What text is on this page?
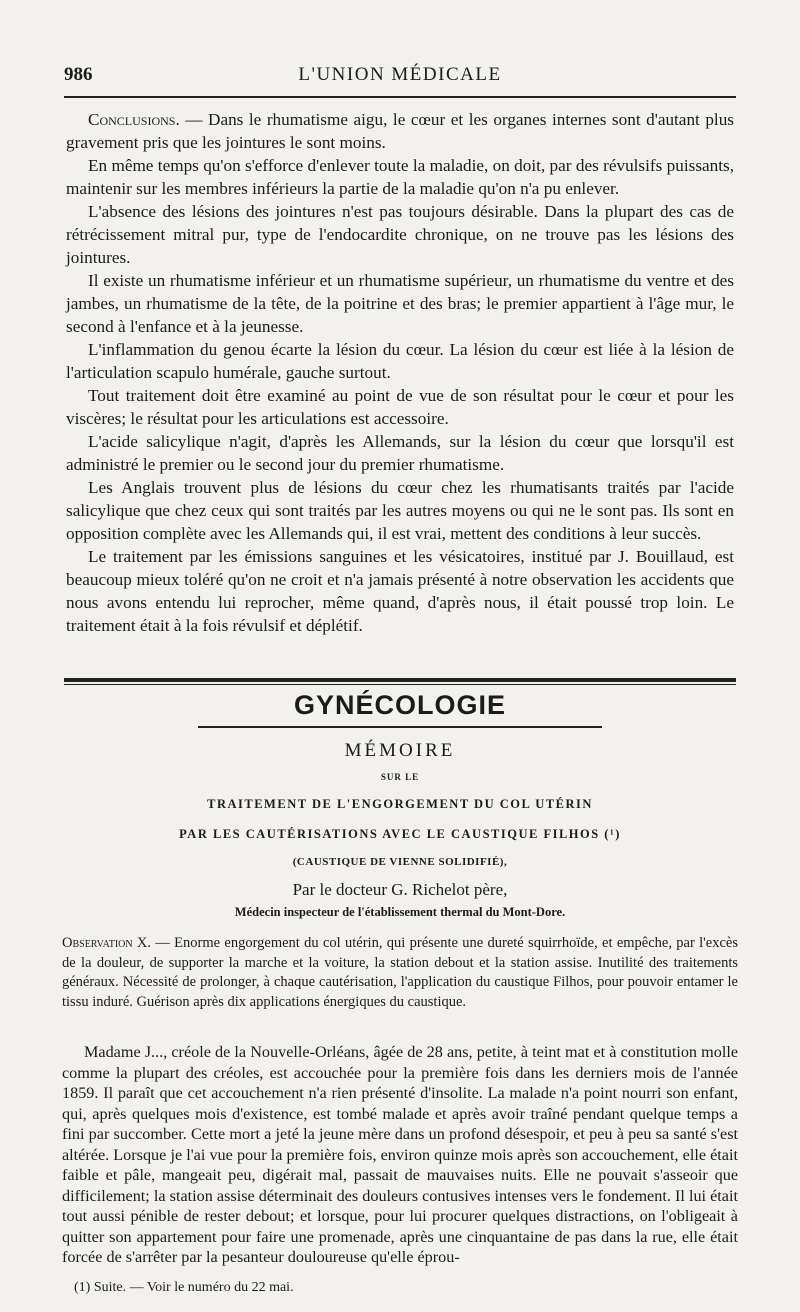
986	L'UNION MÉDICALE

Conclusions. — Dans le rhumatisme aigu, le cœur et les organes internes sont d'autant plus gravement pris que les jointures le sont moins.

En même temps qu'on s'efforce d'enlever toute la maladie, on doit, par des révulsifs puissants, maintenir sur les membres inférieurs la partie de la maladie qu'on n'a pu enlever.

L'absence des lésions des jointures n'est pas toujours désirable. Dans la plupart des cas de rétrécissement mitral pur, type de l'endocardite chronique, on ne trouve pas les lésions des jointures.

Il existe un rhumatisme inférieur et un rhumatisme supérieur, un rhumatisme du ventre et des jambes, un rhumatisme de la tête, de la poitrine et des bras; le premier appartient à l'âge mur, le second à l'enfance et à la jeunesse.

L'inflammation du genou écarte la lésion du cœur. La lésion du cœur est liée à la lésion de l'articulation scapulo humérale, gauche surtout.

Tout traitement doit être examiné au point de vue de son résultat pour le cœur et pour les viscères; le résultat pour les articulations est accessoire.

L'acide salicylique n'agit, d'après les Allemands, sur la lésion du cœur que lorsqu'il est administré le premier ou le second jour du premier rhumatisme.

Les Anglais trouvent plus de lésions du cœur chez les rhumatisants traités par l'acide salicylique que chez ceux qui sont traités par les autres moyens ou qui ne le sont pas. Ils sont en opposition complète avec les Allemands qui, il est vrai, mettent des conditions à leur succès.

Le traitement par les émissions sanguines et les vésicatoires, institué par J. Bouillaud, est beaucoup mieux toléré qu'on ne croit et n'a jamais présenté à notre observation les accidents que nous avons entendu lui reprocher, même quand, d'après nous, il était poussé trop loin. Le traitement était à la fois révulsif et déplétif.

GYNÉCOLOGIE
MÉMOIRE
SUR LE
TRAITEMENT DE L'ENGORGEMENT DU COL UTÉRIN
PAR LES CAUTÉRISATIONS AVEC LE CAUSTIQUE FILHOS (¹)
(CAUSTIQUE DE VIENNE SOLIDIFIÉ),
Par le docteur G. Richelot père,
Médecin inspecteur de l'établissement thermal du Mont-Dore.

Observation X. — Enorme engorgement du col utérin, qui présente une dureté squirrhoïde, et empêche, par l'excès de la douleur, de supporter la marche et la voiture, la station debout et la station assise. Inutilité des traitements généraux. Nécessité de prolonger, à chaque cautérisation, l'application du caustique Filhos, pour pouvoir entamer le tissu induré. Guérison après dix applications énergiques du caustique.

Madame J..., créole de la Nouvelle-Orléans, âgée de 28 ans, petite, à teint mat et à constitution molle comme la plupart des créoles, est accouchée pour la première fois dans les derniers mois de l'année 1859. Il paraît que cet accouchement n'a rien présenté d'insolite. La malade n'a point nourri son enfant, qui, après quelques mois d'existence, est tombé malade et après avoir traîné pendant quelque temps a fini par succomber. Cette mort a jeté la jeune mère dans un profond désespoir, et peu à peu sa santé s'est altérée. Lorsque je l'ai vue pour la première fois, environ quinze mois après son accouchement, elle était faible et pâle, mangeait peu, digérait mal, passait de mauvaises nuits. Elle ne pouvait s'asseoir que difficilement; la station assise déterminait des douleurs contusives intenses vers le fondement. Il lui était tout aussi pénible de rester debout; et lorsque, pour lui procurer quelques distractions, on l'obligeait à quitter son appartement pour faire une promenade, après une cinquantaine de pas dans la rue, elle était forcée de s'arrêter par la pesanteur douloureuse qu'elle éprou-

(1) Suite. — Voir le numéro du 22 mai.
